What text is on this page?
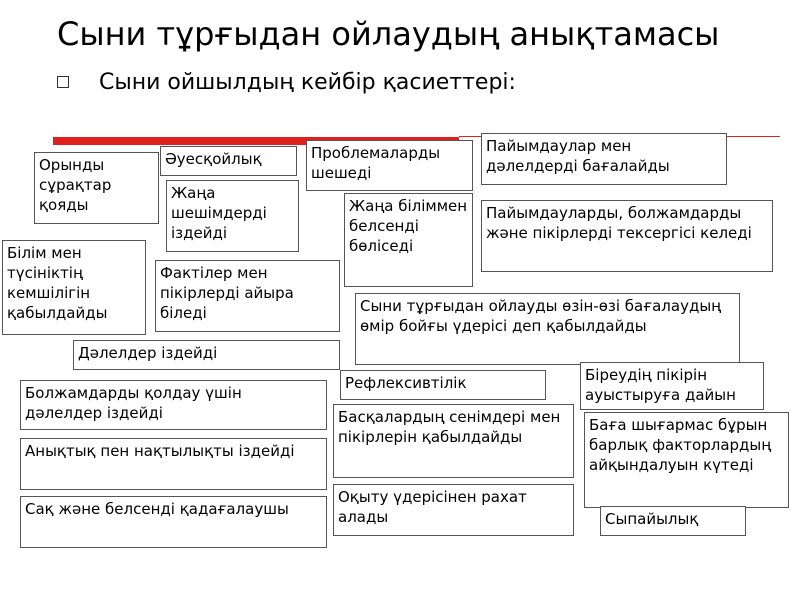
Сыни тұрғыдан ойлаудың анықтамасы
Сыни ойшылдың кейбір қасиеттері:
Орынды сұрақтар қояды
Әуесқойлық	Проблемаларды шешеді
Пайымдаулар мен дәлелдерді бағалайды
Жаңа шешімдерді іздейді
Жаңа біліммен белсенді бөліседі
Пайымдауларды, болжамдарды және пікірлерді тексергісі келеді
Білім мен түсініктің кемшілігін қабылдайды
Фактілер мен пікірлерді айыра біледі	Сыни тұрғыдан ойлауды өзін-өзі бағалаудың өмір бойғы үдерісі деп қабылдайды
Дәлелдер іздейді
Рефлексивтілік	Біреудің пікірін ауыстыруға дайын
Болжамдарды қолдау үшін дәлелдер іздейді	Басқалардың сенімдері мен пікірлерін қабылдайды
Баға шығармас бұрын барлық факторлардың айқындалуын күтеді
Анықтық пен нақтылықты іздейді
Оқыту үдерісінен рахат алады
Сақ және белсенді қадағалаушы
Сыпайылық
